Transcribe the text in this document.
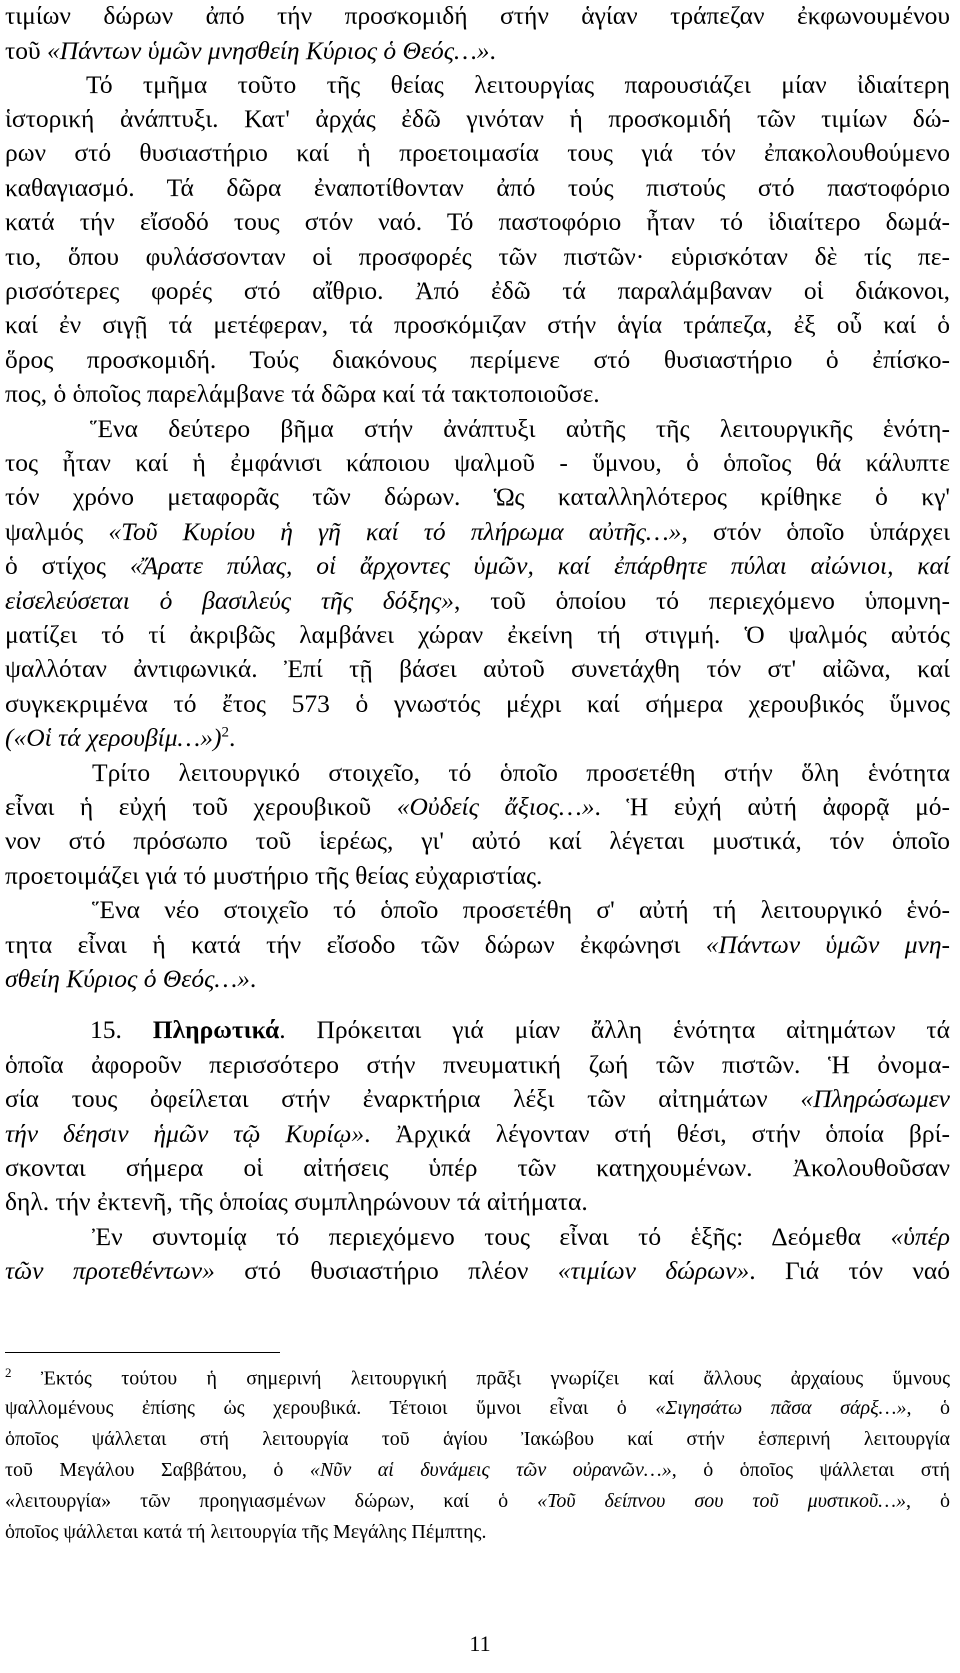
τιμίων δώρων ἀπό τήν προσκομιδή στήν ἁγίαν τράπεζαν ἐκφωνουμένου
τοῦ «Πάντων ὑμῶν μνησθείη Κύριος ὁ Θεός…».
Τό τμῆμα τοῦτο τῆς θείας λειτουργίας παρουσιάζει μίαν ἰδιαίτερη
ἱστορική ἀνάπτυξι. Κατ' ἀρχάς ἐδῶ γινόταν ἡ προσκομιδή τῶν τιμίων δώ-
ρων στό θυσιαστήριο καί ἡ προετοιμασία τους γιά τόν ἐπακολουθούμενο
καθαγιασμό. Τά δῶρα ἐναποτίθονταν ἀπό τούς πιστούς στό παστοφόριο
κατά τήν εἴσοδό τους στόν ναό. Τό παστοφόριο ἦταν τό ἰδιαίτερο δωμά-
τιο, ὅπου φυλάσσονταν οἱ προσφορές τῶν πιστῶν· εὑρισκόταν δὲ τίς πε-
ρισσότερες φορές στό αἴθριο. Ἀπό ἐδῶ τά παραλάμβαναν οἱ διάκονοι,
καί ἐν σιγῇ τά μετέφεραν, τά προσκόμιζαν στήν ἁγία τράπεζα, ἐξ οὗ καί ὁ
ὅρος προσκομιδή. Τούς διακόνους περίμενε στό θυσιαστήριο ὁ ἐπίσκο-
πος, ὁ ὁποῖος παρελάμβανε τά δῶρα καί τά τακτοποιοῦσε.
Ἕνα δεύτερο βῆμα στήν ἀνάπτυξι αὐτῆς τῆς λειτουργικῆς ἑνότη-
τος ἦταν καί ἡ ἐμφάνισι κάποιου ψαλμοῦ - ὕμνου, ὁ ὁποῖος θά κάλυπτε
τόν χρόνο μεταφορᾶς τῶν δώρων. Ὡς καταλληλότερος κρίθηκε ὁ κγ'
ψαλμός «Τοῦ Κυρίου ἡ γῆ καί τό πλήρωμα αὐτῆς…», στόν ὁποῖο ὑπάρχει
ὁ στίχος «Ἄρατε πύλας, οἱ ἄρχοντες ὑμῶν, καί ἐπάρθητε πύλαι αἰώνιοι, καί
εἰσελεύσεται ὁ βασιλεύς τῆς δόξης», τοῦ ὁποίου τό περιεχόμενο ὑπομνη-
ματίζει τό τί ἀκριβῶς λαμβάνει χώραν ἐκείνη τή στιγμή. Ὁ ψαλμός αὐτός
ψαλλόταν ἀντιφωνικά. Ἐπί τῇ βάσει αὐτοῦ συνετάχθη τόν στ' αἰῶνα, καί
συγκεκριμένα τό ἔτος 573 ὁ γνωστός μέχρι καί σήμερα χερουβικός ὕμνος
(«Οἱ τά χερουβίμ…»)$^2$.
Τρίτο λειτουργικό στοιχεῖο, τό ὁποῖο προσετέθη στήν ὅλη ἑνότητα
εἶναι ἡ εὐχή τοῦ χερουβικοῦ «Οὐδείς ἄξιος…». Ἡ εὐχή αὐτή ἀφορᾷ μό-
νον στό πρόσωπο τοῦ ἱερέως, γι' αὐτό καί λέγεται μυστικά, τόν ὁποῖο
προετοιμάζει γιά τό μυστήριο τῆς θείας εὐχαριστίας.
Ἕνα νέο στοιχεῖο τό ὁποῖο προσετέθη σ' αὐτή τή λειτουργικό ἑνό-
τητα εἶναι ἡ κατά τήν εἴσοδο τῶν δώρων ἐκφώνησι «Πάντων ὑμῶν μνη-
σθείη Κύριος ὁ Θεός…».
15. Πληρωτικά. Πρόκειται γιά μίαν ἄλλη ἑνότητα αἰτημάτων τά
ὁποῖα ἀφοροῦν περισσότερο στήν πνευματική ζωή τῶν πιστῶν. Ἡ ὀνομα-
σία τους ὀφείλεται στήν ἐναρκτήρια λέξι τῶν αἰτημάτων «Πληρώσωμεν
τήν δέησιν ἡμῶν τῷ Κυρίῳ». Ἀρχικά λέγονταν στή θέσι, στήν ὁποία βρί-
σκονται σήμερα οἱ αἰτήσεις ὑπέρ τῶν κατηχουμένων. Ἀκολουθοῦσαν
δηλ. τήν ἐκτενῆ, τῆς ὁποίας συμπληρώνουν τά αἰτήματα.
Ἐν συντομίᾳ τό περιεχόμενο τους εἶναι τό ἑξῆς: Δεόμεθα «ὑπέρ
τῶν προτεθέντων» στό θυσιαστήριο πλέον «τιμίων δώρων». Γιά τόν ναό
$^2$ Ἐκτός τούτου ἡ σημερινή λειτουργική πρᾶξι γνωρίζει καί ἄλλους ἀρχαίους ὕμνους
ψαλλομένους ἐπίσης ὡς χερουβικά. Τέτοιοι ὕμνοι εἶναι ὁ «Σιγησάτω πᾶσα σάρξ…», ὁ
ὁποῖος ψάλλεται στή λειτουργία τοῦ ἁγίου Ἰακώβου καί στήν ἑσπερινή λειτουργία
τοῦ Μεγάλου Σαββάτου, ὁ «Νῦν αἱ δυνάμεις τῶν οὐρανῶν…», ὁ ὁποῖος ψάλλεται στή
«λειτουργία» τῶν προηγιασμένων δώρων, καί ὁ «Τοῦ δείπνου σου τοῦ μυστικοῦ…», ὁ
ὁποῖος ψάλλεται κατά τή λειτουργία τῆς Μεγάλης Πέμπτης.
11
